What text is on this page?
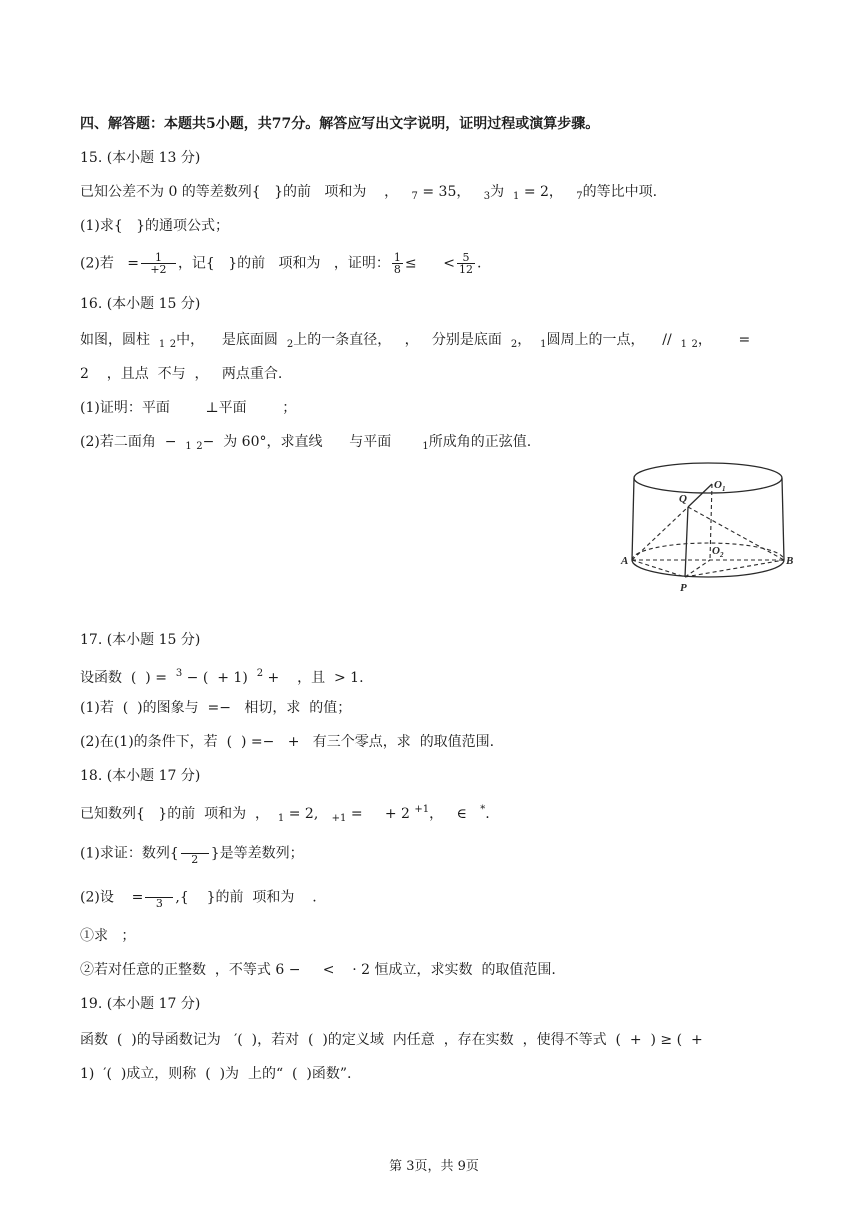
四、解答题：本题共5小题，共77分。解答应写出文字说明，证明过程或演算步骤。

15. (本小题 13 分)

已知公差不为 0 的等差数列{ }的前 项和为 ， $_7$ = 35， $_3$为 $_1$ = 2， $_7$的等比中项.

(1)求{ }的通项公式；

(2)若 = $\frac{1}{+2}$ ，记{ }的前 项和为 ，证明： $\frac{1}{8}$ ≤ < $\frac{5}{12}$ .

16. (本小题 15 分)

如图，圆柱 $_1$ $_2$中， 是底面圆 $_2$上的一条直径， ， 分别是底面 $_2$， $_1$圆周上的一点， // $_1$ $_2$， =

2 ，且点 不与 ， 两点重合.

(1)证明：平面	⊥平面	；

(2)若二面角 − $_1$ $_2$− 为 60°，求直线 与平面	$_1$所成角的正弦值.

Q
$O_1$
$O_2$
A	B
P

17. (本小题 15 分)

设函数 ( ) = $^3$ − ( + 1) $^2$ + ，且 > 1.

(1)若 ( )的图象与 =− 相切，求 的值；

(2)在(1)的条件下，若 ( ) =− + 有三个零点，求 的取值范围.

18. (本小题 17 分)

已知数列{ }的前 项和为 ， $_1$ = 2, $_{+1}$ = + 2 $^{+1}$， ∈ *.

(1)求证：数列{	2 }是等差数列；

(2)设 =	3 ,{ }的前 项和为 .

①求 ；

②若对任意的正整数 ，不等式 6 − < · 2 恒成立，求实数 的取值范围.

19. (本小题 17 分)

函数 ( )的导函数记为 ′( )，若对 ( )的定义域 内任意 ，存在实数 ，使得不等式 ( + ) ≥ ( +

1) ′( )成立，则称 ( )为 上的“ ( )函数”.

第 3页，共 9页
